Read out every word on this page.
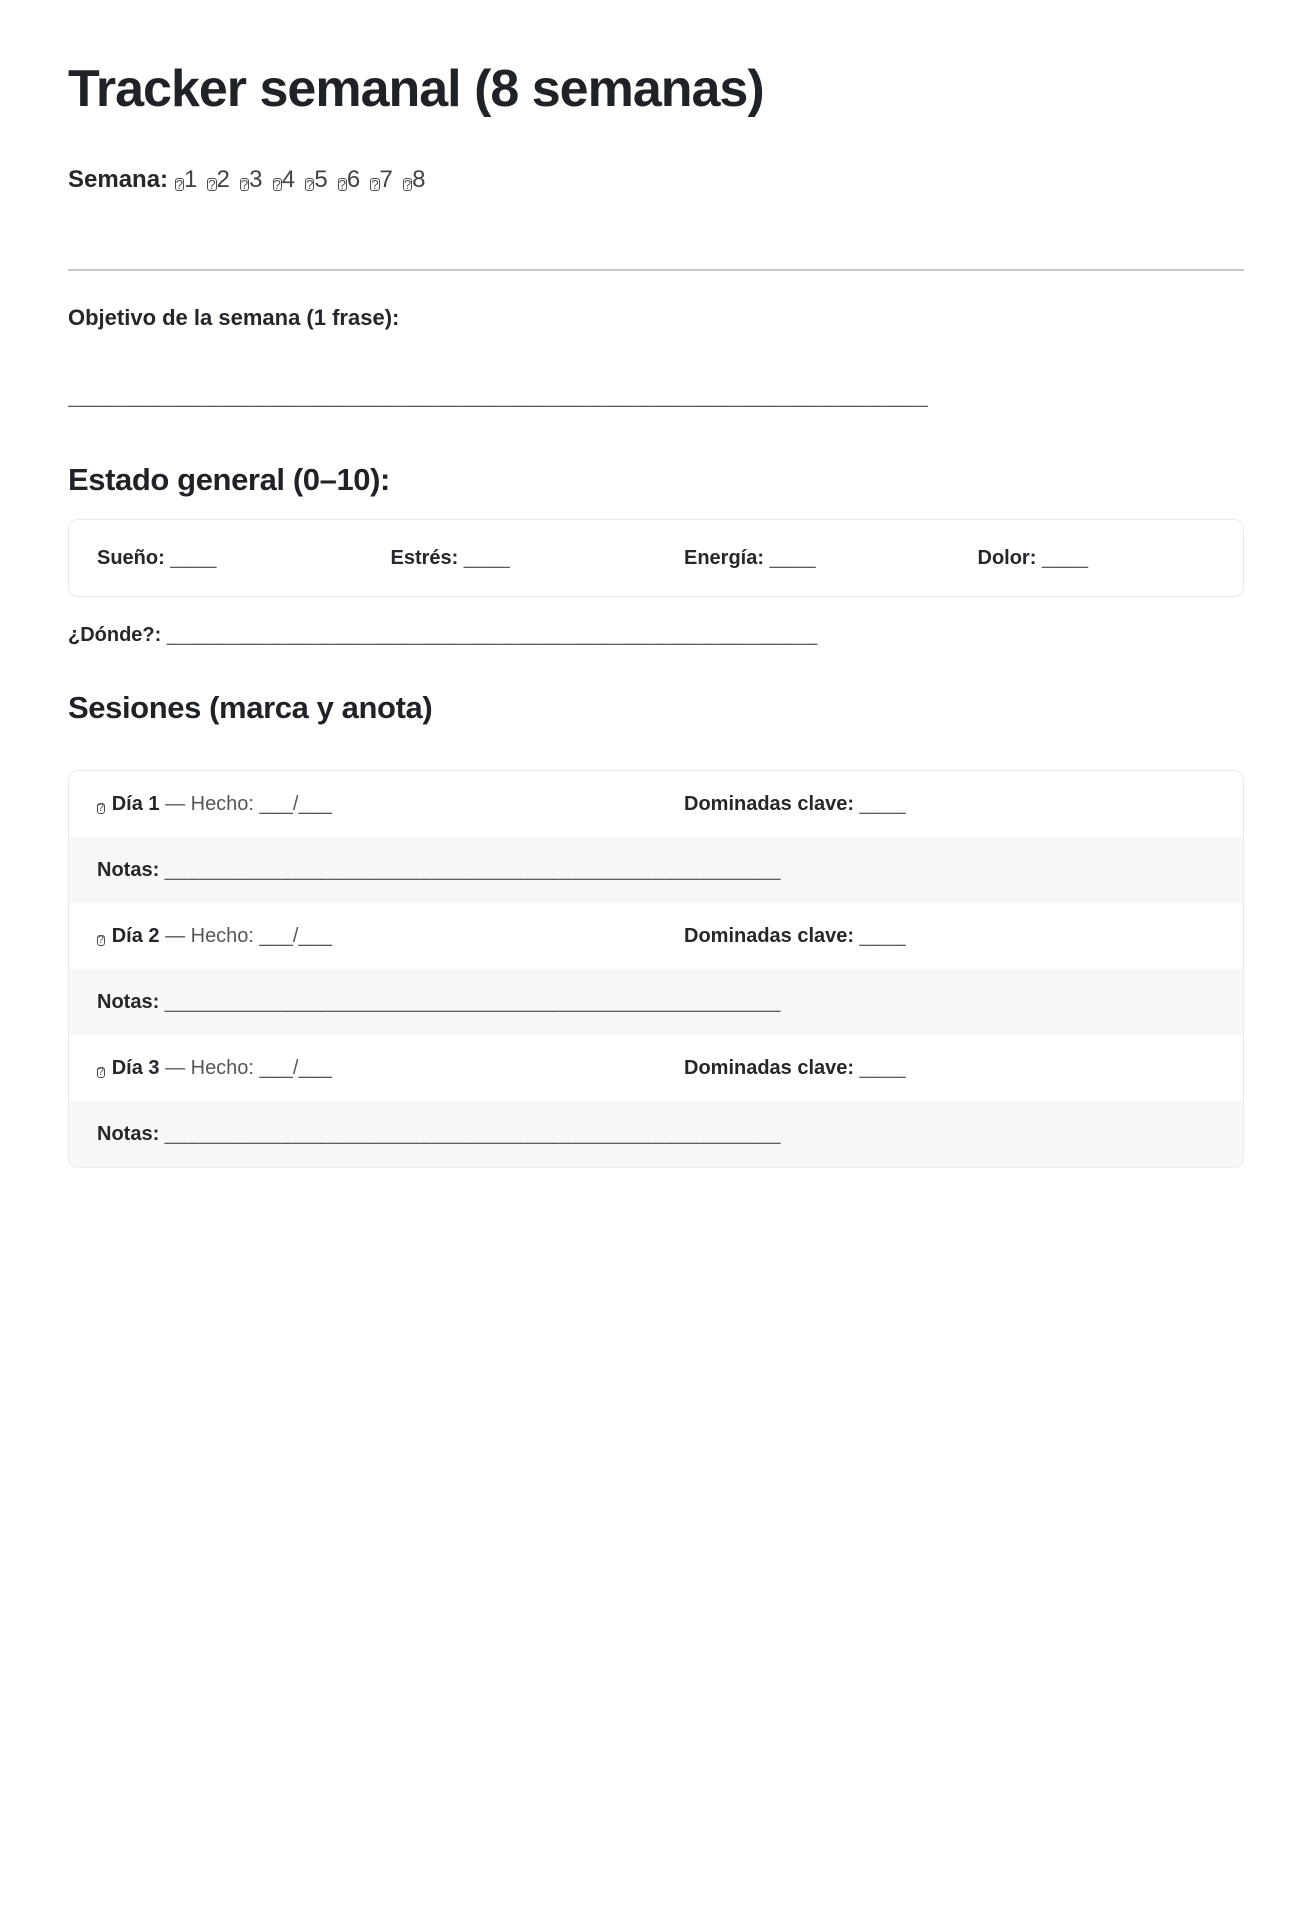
Tracker semanal (8 semanas)

Semana: ?1 ?2 ?3 ?4 ?5 ?6 ?7 ?8

Objetivo de la semana (1 frase):

__________________________________________________________________________

Estado general (0–10):
Sueño: ____	Estrés: ____	Energía: ____	Dolor: ____

¿Dónde?: ________________________________________________________

Sesiones (marca y anota)
? Día 1 — Hecho: ___/___	Dominadas clave: ____
Notas: _____________________________________________________
? Día 2 — Hecho: ___/___	Dominadas clave: ____
Notas: _____________________________________________________
? Día 3 — Hecho: ___/___	Dominadas clave: ____
Notas: _____________________________________________________
